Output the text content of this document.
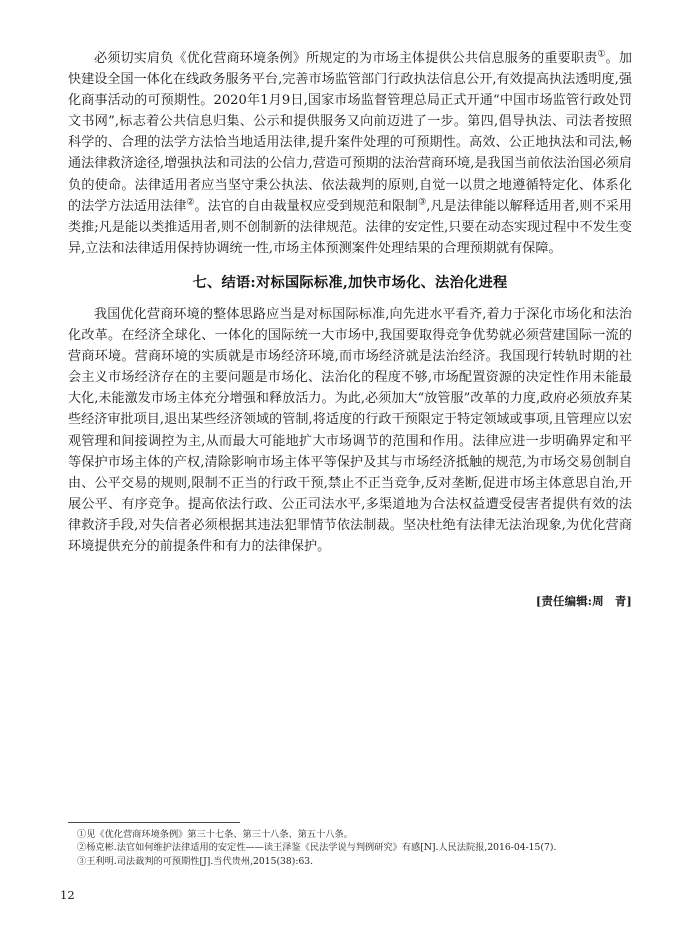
必须切实肩负《优化营商环境条例》所规定的为市场主体提供公共信息服务的重要职责①。加快建设全国一体化在线政务服务平台,完善市场监管部门行政执法信息公开,有效提高执法透明度,强化商事活动的可预期性。2020年1月9日,国家市场监督管理总局正式开通“中国市场监管行政处罚文书网”,标志着公共信息归集、公示和提供服务又向前迈进了一步。第四,倡导执法、司法者按照科学的、合理的法学方法恰当地适用法律,提升案件处理的可预期性。高效、公正地执法和司法,畅通法律救济途径,增强执法和司法的公信力,营造可预期的法治营商环境,是我国当前依法治国必须肩负的使命。法律适用者应当坚守秉公执法、依法裁判的原则,自觉一以贯之地遵循特定化、体系化的法学方法适用法律②。法官的自由裁量权应受到规范和限制③,凡是法律能以解释适用者,则不采用类推;凡是能以类推适用者,则不创制新的法律规范。法律的安定性,只要在动态实现过程中不发生变异,立法和法律适用保持协调统一性,市场主体预测案件处理结果的合理预期就有保障。

七、结语:对标国际标准,加快市场化、法治化进程

我国优化营商环境的整体思路应当是对标国际标准,向先进水平看齐,着力于深化市场化和法治化改革。在经济全球化、一体化的国际统一大市场中,我国要取得竞争优势就必须营建国际一流的营商环境。营商环境的实质就是市场经济环境,而市场经济就是法治经济。我国现行转轨时期的社会主义市场经济存在的主要问题是市场化、法治化的程度不够,市场配置资源的决定性作用未能最大化,未能激发市场主体充分增强和释放活力。为此,必须加大“放管服”改革的力度,政府必须放弃某些经济审批项目,退出某些经济领域的管制,将适度的行政干预限定于特定领域或事项,且管理应以宏观管理和间接调控为主,从而最大可能地扩大市场调节的范围和作用。法律应进一步明确界定和平等保护市场主体的产权,清除影响市场主体平等保护及其与市场经济抵触的规范,为市场交易创制自由、公平交易的规则,限制不正当的行政干预,禁止不正当竞争,反对垄断,促进市场主体意思自治,开展公平、有序竞争。提高依法行政、公正司法水平,多渠道地为合法权益遭受侵害者提供有效的法律救济手段,对失信者必须根据其违法犯罪情节依法制裁。坚决杜绝有法律无法治现象,为优化营商环境提供充分的前提条件和有力的法律保护。

[责任编辑:周 青]

①见《优化营商环境条例》第三十七条、第三十八条、第五十八条。

②杨克彬.法官如何维护法律适用的安定性——读王泽鉴《民法学说与判例研究》有感[N].人民法院报,2016-04-15(7).

③王利明.司法裁判的可预期性[J].当代贵州,2015(38):63.

12
